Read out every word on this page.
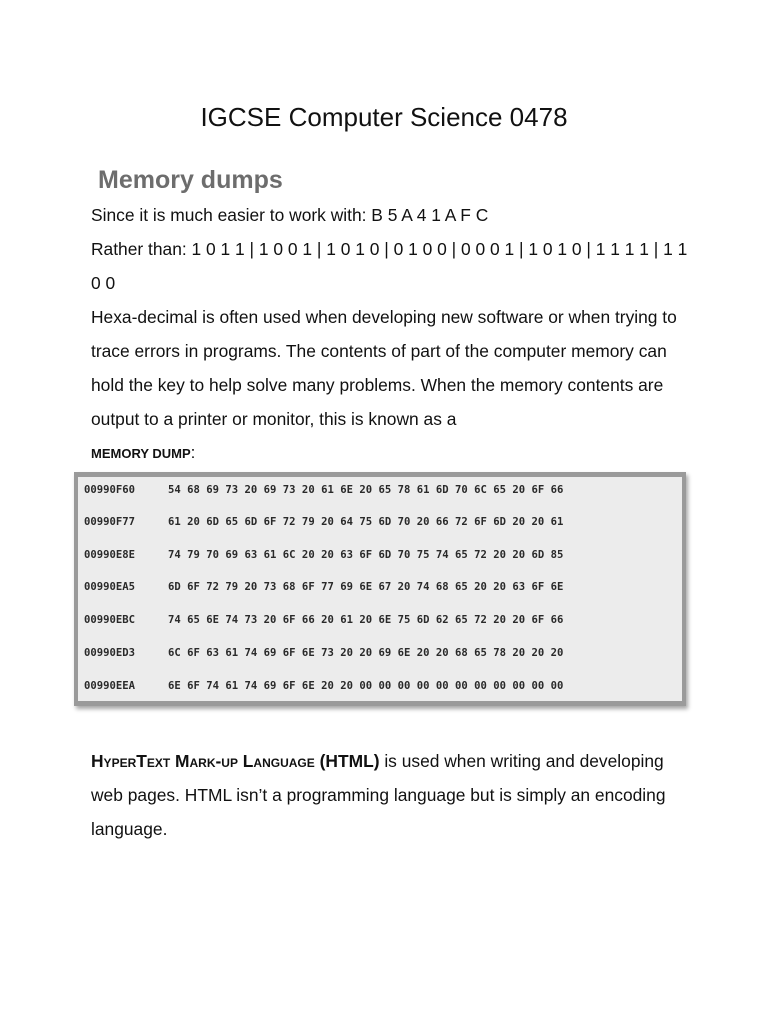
IGCSE Computer Science 0478
Memory dumps
Since it is much easier to work with: B 5 A 4 1 A F C
Rather than: 1 0 1 1 | 1 0 0 1 | 1 0 1 0 | 0 1 0 0 | 0 0 0 1 | 1 0 1 0 | 1 1 1 1 | 1 1 0 0
Hexa-decimal is often used when developing new software or when trying to trace errors in programs. The contents of part of the computer memory can hold the key to help solve many problems. When the memory contents are output to a printer or monitor, this is known as a
MEMORY DUMP:
00990F60	54 68 69 73 20 69 73 20 61 6E 20 65 78 61 6D 70 6C 65 20 6F 66
00990F77	61 20 6D 65 6D 6F 72 79 20 64 75 6D 70 20 66 72 6F 6D 20 20 61
00990E8E	74 79 70 69 63 61 6C 20 20 63 6F 6D 70 75 74 65 72 20 20 6D 85
00990EA5	6D 6F 72 79 20 73 68 6F 77 69 6E 67 20 74 68 65 20 20 63 6F 6E
00990EBC	74 65 6E 74 73 20 6F 66 20 61 20 6E 75 6D 62 65 72 20 20 6F 66
00990ED3	6C 6F 63 61 74 69 6F 6E 73 20 20 69 6E 20 20 68 65 78 20 20 20
00990EEA	6E 6F 74 61 74 69 6F 6E 20 20 00 00 00 00 00 00 00 00 00 00 00
HyperText Mark-up Language (HTML) is used when writing and developing web pages. HTML isn’t a programming language but is simply an encoding language.
